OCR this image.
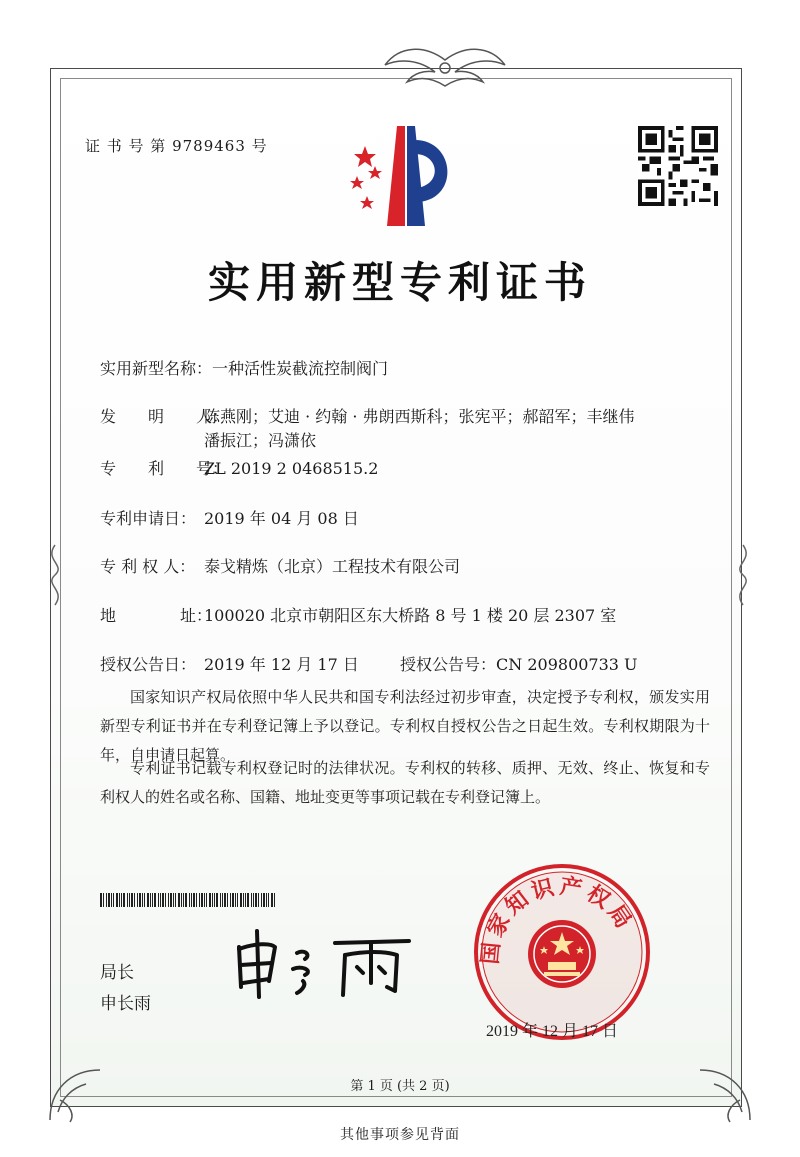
证 书 号 第 9789463 号
实用新型专利证书
实用新型名称：一种活性炭截流控制阀门
发　　明　　人：陈燕刚；艾迪 · 约翰 · 弗朗西斯科；张宪平；郝韶军；丰继伟
潘振江；冯潇依
专　　利　　号：ZL 2019 2 0468515.2
专利申请日： 2019 年 04 月 08 日
专 利 权 人： 泰戈精炼（北京）工程技术有限公司
地　　　　址：100020 北京市朝阳区东大桥路 8 号 1 楼 20 层 2307 室
授权公告日： 2019 年 12 月 17 日	授权公告号：CN 209800733 U
国家知识产权局依照中华人民共和国专利法经过初步审查，决定授予专利权，颁发实用新型专利证书并在专利登记簿上予以登记。专利权自授权公告之日起生效。专利权期限为十年，自申请日起算。
专利证书记载专利权登记时的法律状况。专利权的转移、质押、无效、终止、恢复和专利权人的姓名或名称、国籍、地址变更等事项记载在专利登记簿上。
局长
申长雨
国家知识产权局
2019 年 12 月 17 日
第 1 页 (共 2 页)
其他事项参见背面
